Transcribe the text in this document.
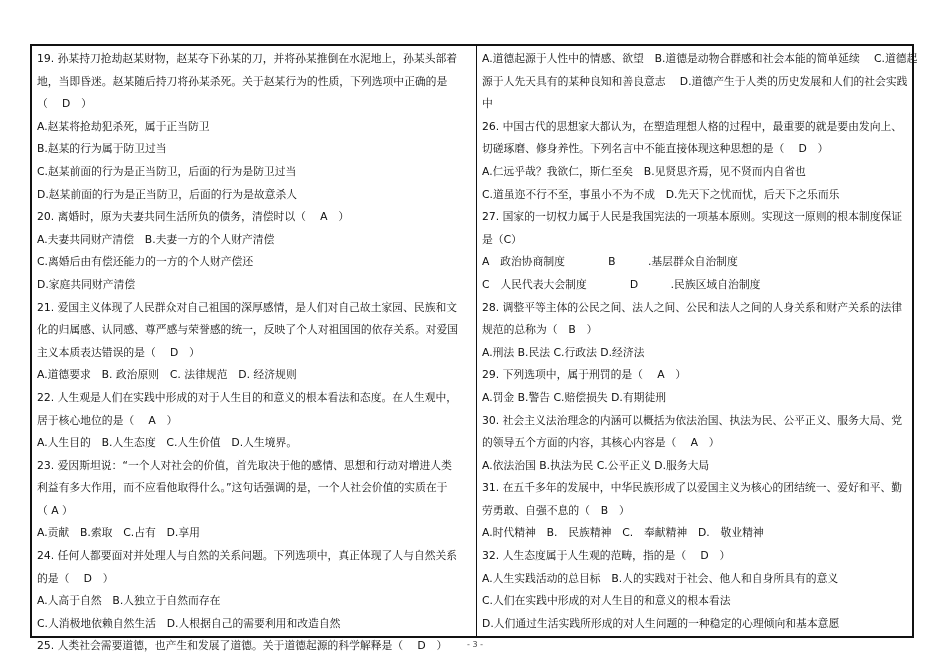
19. 孙某持刀抢劫赵某财物，赵某夺下孙某的刀，并将孙某推倒在水泥地上，孙某头部着
地，当即昏迷。赵某随后持刀将孙某杀死。关于赵某行为的性质，下列选项中正确的是
（　 D　）
A.赵某将抢劫犯杀死，属于正当防卫
B.赵某的行为属于防卫过当
C.赵某前面的行为是正当防卫，后面的行为是防卫过当
D.赵某前面的行为是正当防卫，后面的行为是故意杀人
20. 离婚时，原为夫妻共同生活所负的债务，清偿时以（　 A　）
A.夫妻共同财产清偿　B.夫妻一方的个人财产清偿
C.离婚后由有偿还能力的一方的个人财产偿还
D.家庭共同财产清偿
21. 爱国主义体现了人民群众对自己祖国的深厚感情，是人们对自己故土家园、民族和文
化的归属感、认同感、尊严感与荣誉感的统一，反映了个人对祖国国的依存关系。对爱国
主义本质表达错误的是（　 D　）
A.道德要求　B. 政治原则　C. 法律规范　D. 经济规则
22. 人生观是人们在实践中形成的对于人生目的和意义的根本看法和态度。在人生观中，
居于核心地位的是（　 A　）
A.人生目的　B.人生态度　C.人生价值　D.人生境界。
23. 爱因斯坦说：“一个人对社会的价值，首先取决于他的感情、思想和行动对增进人类
利益有多大作用，而不应看他取得什么。”这句话强调的是，一个人社会价值的实质在于
（ A ）
A.贡献　B.索取　C.占有　D.享用
24. 任何人都要面对并处理人与自然的关系问题。下列选项中，真正体现了人与自然关系
的是（　 D　）
A.人高于自然　B.人独立于自然而存在
C.人消极地依赖自然生活　D.人根据自己的需要利用和改造自然
25. 人类社会需要道德，也产生和发展了道德。关于道德起源的科学解释是（　 D　）
A.道德起源于人性中的情感、欲望　B.道德是动物合群感和社会本能的简单延续　 C.道德起
源于人先天具有的某种良知和善良意志　 D.道德产生于人类的历史发展和人们的社会实践
中
26. 中国古代的思想家大都认为，在塑造理想人格的过程中，最重要的就是要由发向上、
切磋琢磨、修身养性。下列名言中不能直接体现这种思想的是（　 D　）
A.仁远乎哉？我欲仁，斯仁至矣　B.见贤思齐焉，见不贤而内自省也
C.道虽迩不行不至，事虽小不为不成　D.先天下之忧而忧，后天下之乐而乐
27. 国家的一切权力属于人民是我国宪法的一项基本原则。实现这一原则的根本制度保证
是（C）
A　政治协商制度　　　　B　　　.基层群众自治制度
C　人民代表大会制度　　　　D　　　.民族区域自治制度
28. 调整平等主体的公民之间、法人之间、公民和法人之间的人身关系和财产关系的法律
规范的总称为（　B　）
A.刑法 B.民法 C.行政法 D.经济法
29. 下列选项中，属于刑罚的是（　 A　）
A.罚金 B.警告 C.赔偿损失 D.有期徒刑
30. 社会主义法治理念的内涵可以概括为依法治国、执法为民、公平正义、服务大局、党
的领导五个方面的内容，其核心内容是（　 A　）
A.依法治国 B.执法为民 C.公平正义 D.服务大局
31. 在五千多年的发展中，中华民族形成了以爱国主义为核心的团结统一、爱好和平、勤
劳勇敢、自强不息的（　B　）
A.时代精神　B.　民族精神　C.　奉献精神　D.　敬业精神
32. 人生态度属于人生观的范畴，指的是（　 D　）
A.人生实践活动的总目标　B.人的实践对于社会、他人和自身所具有的意义
C.人们在实践中形成的对人生目的和意义的根本看法
D.人们通过生活实践所形成的对人生问题的一种稳定的心理倾向和基本意愿
- 3 -
